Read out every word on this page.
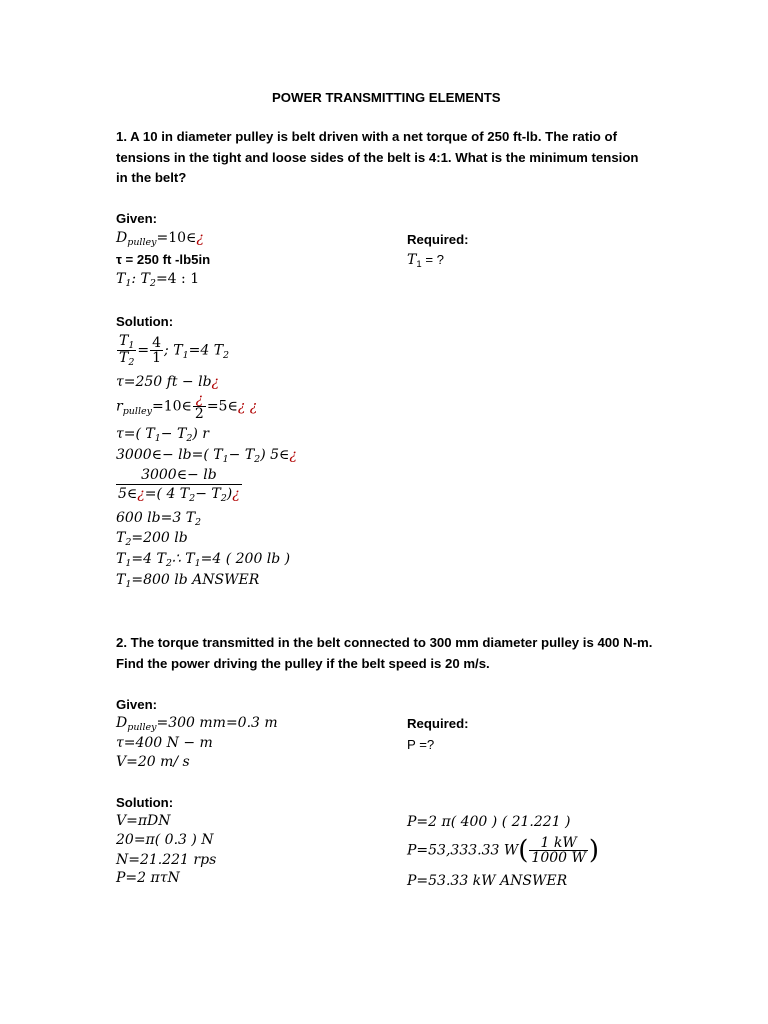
POWER TRANSMITTING ELEMENTS
1. A 10 in diameter pulley is belt driven with a net torque of 250 ft-lb. The ratio of tensions in the tight and loose sides of the belt is 4:1. What is the minimum tension in the belt?
Given:
$D_{pulley}=10\in¿$
τ = 250 ft -lb5in
$T_1$: $T_2=4$ : 1
Required:
$T_1$ = ?
Solution:
$\frac{T_1}{T_2} = \frac{4}{1}$ ; $T_1=4$ $T_2$
τ=250 ft − lb¿
$r_{pulley}=10\in \frac{¿}{2}$ =5∈¿ ¿
τ=( $T_1- T_2$) r
3000∈− lb=( $T_1- T_2$) 5∈¿
$\frac{3000\in- lb}{5\in¿=( 4 T_2- T_2)¿}$
600 lb=3 $T_2$
$T_2=200$ lb
$T_1=4$ $T_2\therefore$ $T_1=4$ ( 200 lb )
$T_1=800$ lb ANSWER
2. The torque transmitted in the belt connected to 300 mm diameter pulley is 400 N-m. Find the power driving the pulley if the belt speed is 20 m/s.
Given:
$D_{pulley}=300$ mm=0.3 m
τ=400 N − m
V=20 m/ s
Required:
P =?
Solution:
V=πDN
20=π( 0.3 ) N
N=21.221 rps
P=2 πτN
P=2 π( 400 ) ( 21.221 )
P=53,333.33 $W( \frac{1 kW}{1000 W}$ )
P=53.33 kW ANSWER
